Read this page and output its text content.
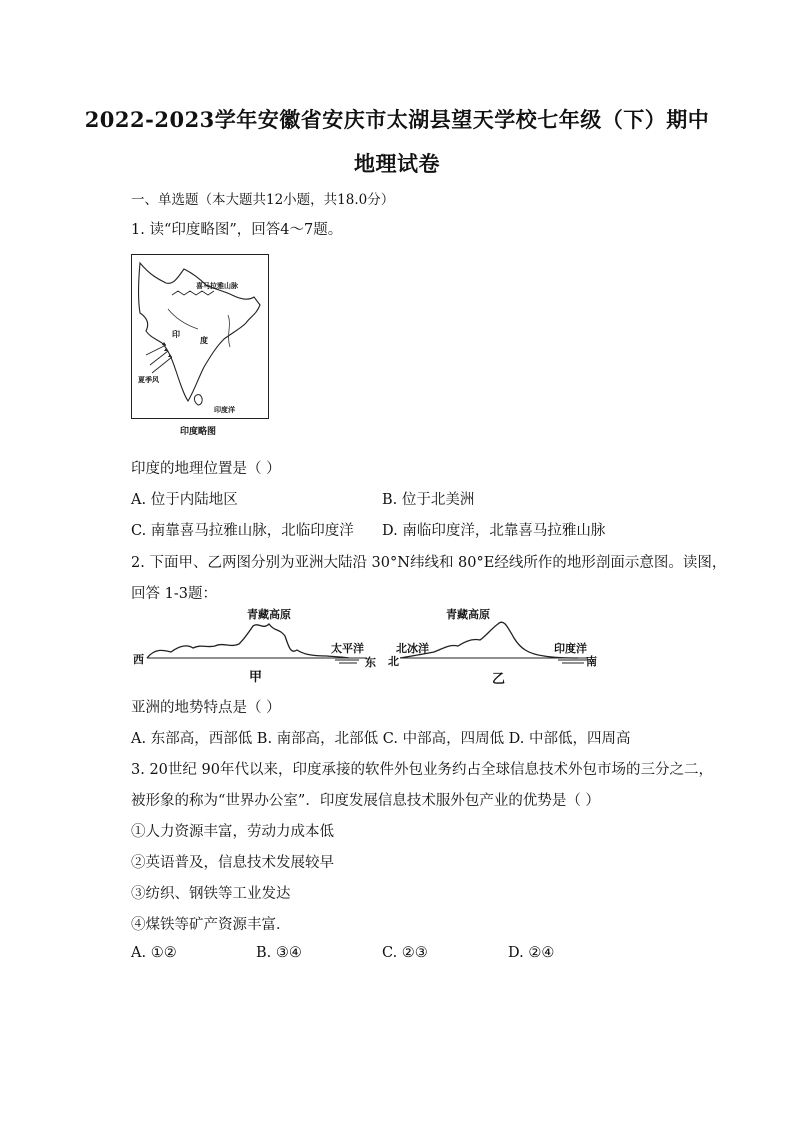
2022-2023学年安徽省安庆市太湖县望天学校七年级（下）期中
地理试卷
一、单选题（本大题共12小题，共18.0分）
1. 读“印度略图”，回答4～7题。
喜马拉雅山脉
印
度
夏季风
印度洋
印度略图
印度的地理位置是（ ）
A. 位于内陆地区	B. 位于北美洲
C. 南靠喜马拉雅山脉，北临印度洋 D. 南临印度洋，北靠喜马拉雅山脉
2. 下面甲、乙两图分别为亚洲大陆沿 30°N纬线和 80°E经线所作的地形剖面示意图。读图，
回答 1-3题：
青藏高原
太平洋
西	东
甲
青藏高原
北冰洋	印度洋
北	南
乙
亚洲的地势特点是（ ）
A. 东部高，西部低 B. 南部高，北部低 C. 中部高，四周低 D. 中部低，四周高
3. 20世纪 90年代以来，印度承接的软件外包业务约占全球信息技术外包市场的三分之二，
被形象的称为“世界办公室”．印度发展信息技术服外包产业的优势是（ ）
①人力资源丰富，劳动力成本低
②英语普及，信息技术发展较早
③纺织、钢铁等工业发达
④煤铁等矿产资源丰富．
A. ①②	B. ③④	C. ②③	D. ②④
